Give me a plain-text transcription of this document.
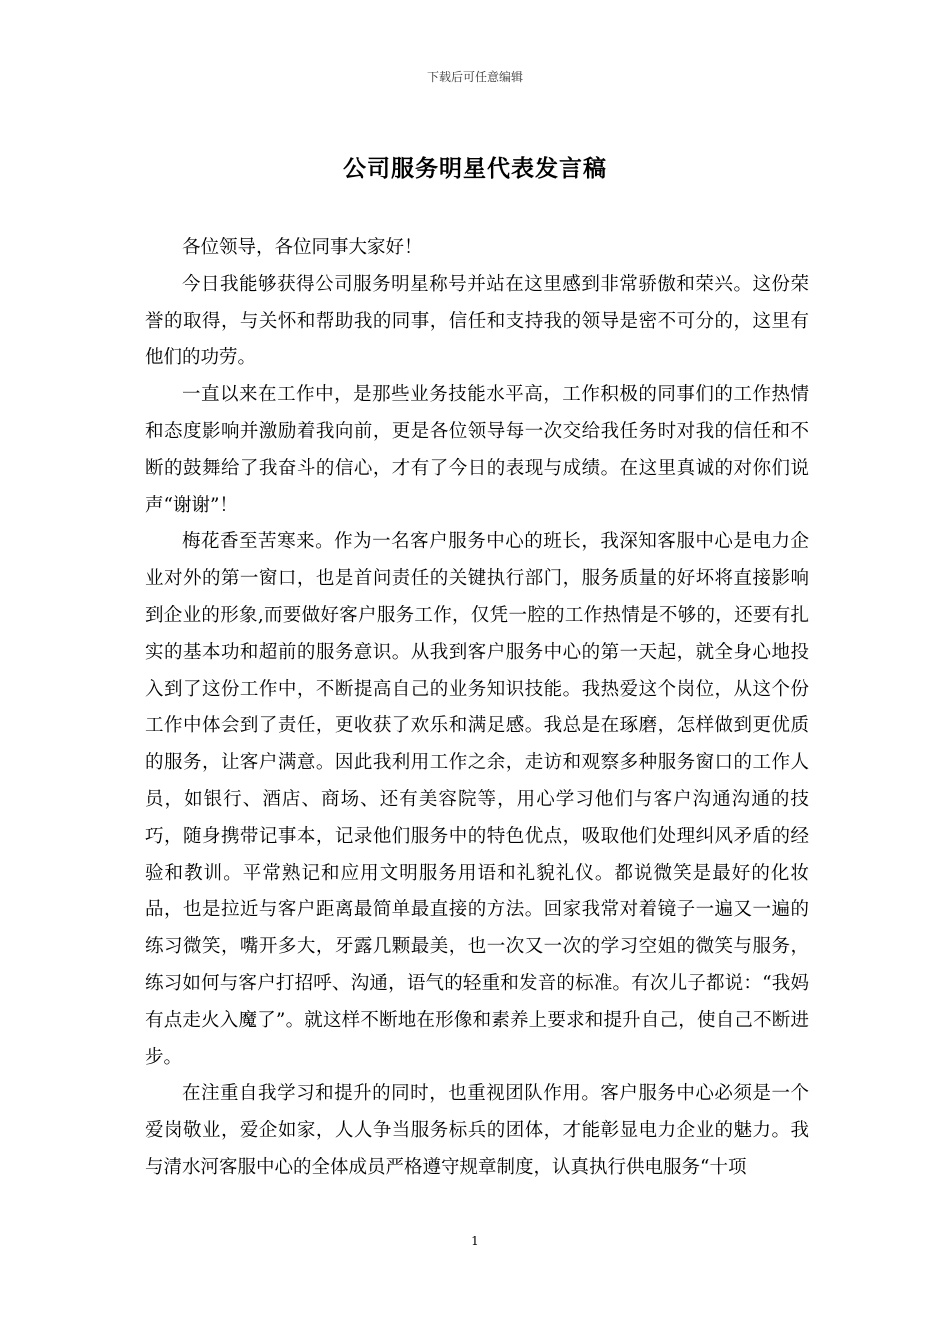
下载后可任意编辑
公司服务明星代表发言稿

各位领导，各位同事大家好！

今日我能够获得公司服务明星称号并站在这里感到非常骄傲和荣兴。这份荣誉的取得，与关怀和帮助我的同事，信任和支持我的领导是密不可分的，这里有他们的功劳。

一直以来在工作中，是那些业务技能水平高，工作积极的同事们的工作热情和态度影响并激励着我向前，更是各位领导每一次交给我任务时对我的信任和不断的鼓舞给了我奋斗的信心，才有了今日的表现与成绩。在这里真诚的对你们说声“谢谢”！

梅花香至苦寒来。作为一名客户服务中心的班长，我深知客服中心是电力企业对外的第一窗口，也是首问责任的关键执行部门，服务质量的好坏将直接影响到企业的形象,而要做好客户服务工作，仅凭一腔的工作热情是不够的，还要有扎实的基本功和超前的服务意识。从我到客户服务中心的第一天起，就全身心地投入到了这份工作中，不断提高自己的业务知识技能。我热爱这个岗位，从这个份工作中体会到了责任，更收获了欢乐和满足感。我总是在琢磨，怎样做到更优质的服务，让客户满意。因此我利用工作之余，走访和观察多种服务窗口的工作人员，如银行、酒店、商场、还有美容院等，用心学习他们与客户沟通沟通的技巧，随身携带记事本，记录他们服务中的特色优点，吸取他们处理纠风矛盾的经验和教训。平常熟记和应用文明服务用语和礼貌礼仪。都说微笑是最好的化妆品，也是拉近与客户距离最简单最直接的方法。回家我常对着镜子一遍又一遍的练习微笑，嘴开多大，牙露几颗最美，也一次又一次的学习空姐的微笑与服务，练习如何与客户打招呼、沟通，语气的轻重和发音的标准。有次儿子都说：“我妈有点走火入魔了”。就这样不断地在形像和素养上要求和提升自己，使自己不断进步。

在注重自我学习和提升的同时，也重视团队作用。客户服务中心必须是一个爱岗敬业，爱企如家，人人争当服务标兵的团体，才能彰显电力企业的魅力。我与清水河客服中心的全体成员严格遵守规章制度，认真执行供电服务“十项

1
